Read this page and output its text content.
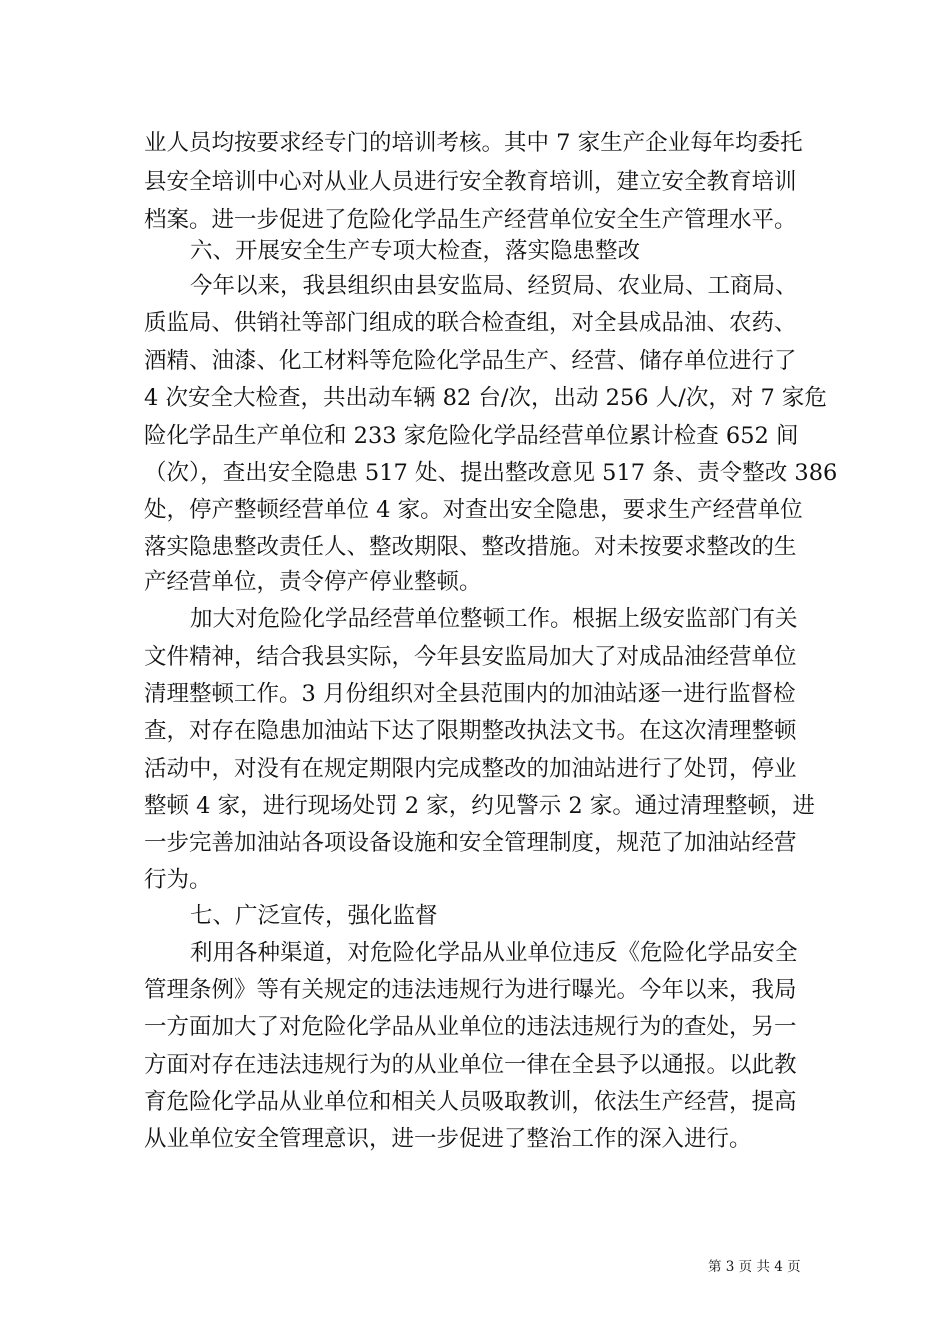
业人员均按要求经专门的培训考核。其中 7 家生产企业每年均委托
县安全培训中心对从业人员进行安全教育培训，建立安全教育培训
档案。进一步促进了危险化学品生产经营单位安全生产管理水平。
六、开展安全生产专项大检查，落实隐患整改
今年以来，我县组织由县安监局、经贸局、农业局、工商局、
质监局、供销社等部门组成的联合检查组，对全县成品油、农药、
酒精、油漆、化工材料等危险化学品生产、经营、储存单位进行了
4 次安全大检查，共出动车辆 82 台/次，出动 256 人/次，对 7 家危
险化学品生产单位和 233 家危险化学品经营单位累计检查 652 间
（次），查出安全隐患 517 处、提出整改意见 517 条、责令整改 386
处，停产整顿经营单位 4 家。对查出安全隐患，要求生产经营单位
落实隐患整改责任人、整改期限、整改措施。对未按要求整改的生
产经营单位，责令停产停业整顿。
加大对危险化学品经营单位整顿工作。根据上级安监部门有关
文件精神，结合我县实际，今年县安监局加大了对成品油经营单位
清理整顿工作。3 月份组织对全县范围内的加油站逐一进行监督检
查，对存在隐患加油站下达了限期整改执法文书。在这次清理整顿
活动中，对没有在规定期限内完成整改的加油站进行了处罚，停业
整顿 4 家，进行现场处罚 2 家，约见警示 2 家。通过清理整顿，进
一步完善加油站各项设备设施和安全管理制度，规范了加油站经营
行为。
七、广泛宣传，强化监督
利用各种渠道，对危险化学品从业单位违反《危险化学品安全
管理条例》等有关规定的违法违规行为进行曝光。今年以来，我局
一方面加大了对危险化学品从业单位的违法违规行为的查处，另一
方面对存在违法违规行为的从业单位一律在全县予以通报。以此教
育危险化学品从业单位和相关人员吸取教训，依法生产经营，提高
从业单位安全管理意识，进一步促进了整治工作的深入进行。
第 3 页 共 4 页
